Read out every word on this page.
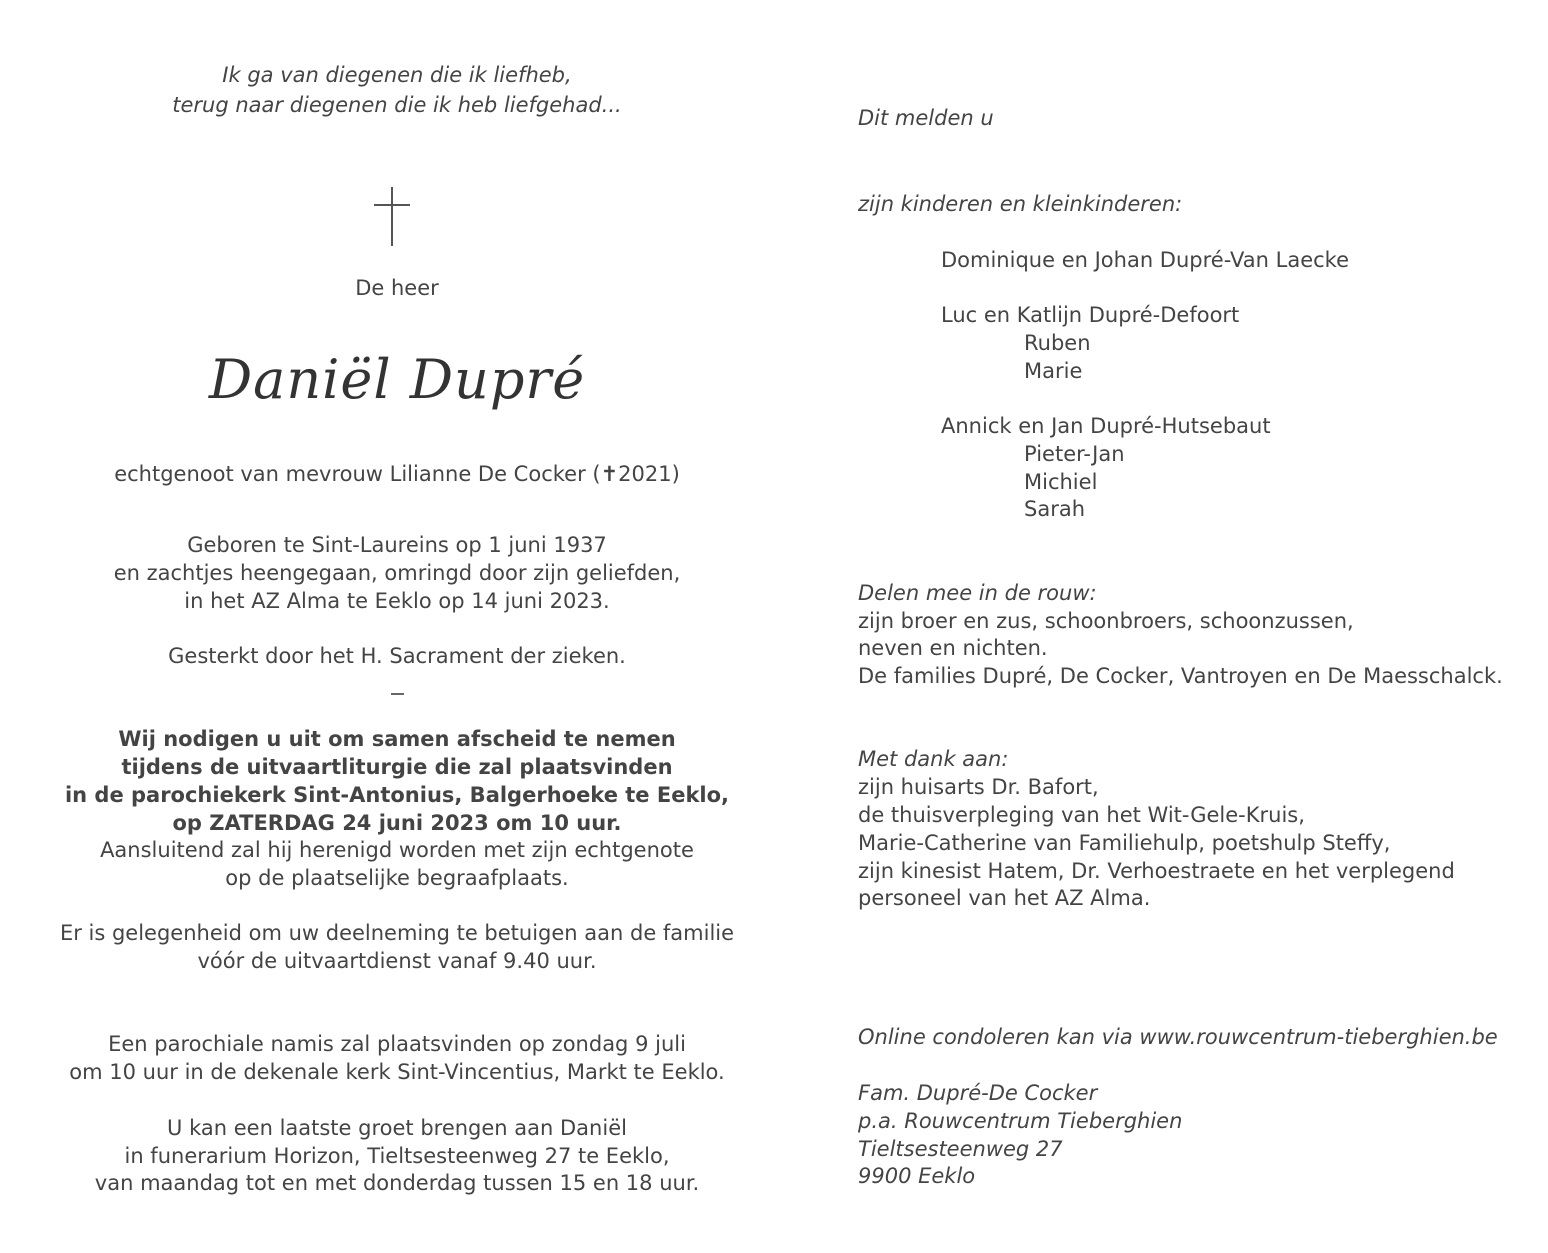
Ik ga van diegenen die ik liefheb,
terug naar diegenen die ik heb liefgehad...
De heer
Daniël Dupré
echtgenoot van mevrouw Lilianne De Cocker (✝2021)
Geboren te Sint-Laureins op 1 juni 1937
en zachtjes heengegaan, omringd door zijn geliefden,
in het AZ Alma te Eeklo op 14 juni 2023.
Gesterkt door het H. Sacrament der zieken.
Wij nodigen u uit om samen afscheid te nemen
tijdens de uitvaartliturgie die zal plaatsvinden
in de parochiekerk Sint-Antonius, Balgerhoeke te Eeklo,
op ZATERDAG 24 juni 2023 om 10 uur.
Aansluitend zal hij herenigd worden met zijn echtgenote
op de plaatselijke begraafplaats.
Er is gelegenheid om uw deelneming te betuigen aan de familie
vóór de uitvaartdienst vanaf 9.40 uur.
Een parochiale namis zal plaatsvinden op zondag 9 juli
om 10 uur in de dekenale kerk Sint-Vincentius, Markt te Eeklo.
U kan een laatste groet brengen aan Daniël
in funerarium Horizon, Tieltsesteenweg 27 te Eeklo,
van maandag tot en met donderdag tussen 15 en 18 uur.
Dit melden u
zijn kinderen en kleinkinderen:
Dominique en Johan Dupré-Van Laecke
Luc en Katlijn Dupré-Defoort
Ruben
Marie
Annick en Jan Dupré-Hutsebaut
Pieter-Jan
Michiel
Sarah
Delen mee in de rouw:
zijn broer en zus, schoonbroers, schoonzussen,
neven en nichten.
De families Dupré, De Cocker, Vantroyen en De Maesschalck.
Met dank aan:
zijn huisarts Dr. Bafort,
de thuisverpleging van het Wit-Gele-Kruis,
Marie-Catherine van Familiehulp, poetshulp Steffy,
zijn kinesist Hatem, Dr. Verhoestraete en het verplegend
personeel van het AZ Alma.
Online condoleren kan via www.rouwcentrum-tieberghien.be
Fam. Dupré-De Cocker
p.a. Rouwcentrum Tieberghien
Tieltsesteenweg 27
9900 Eeklo
